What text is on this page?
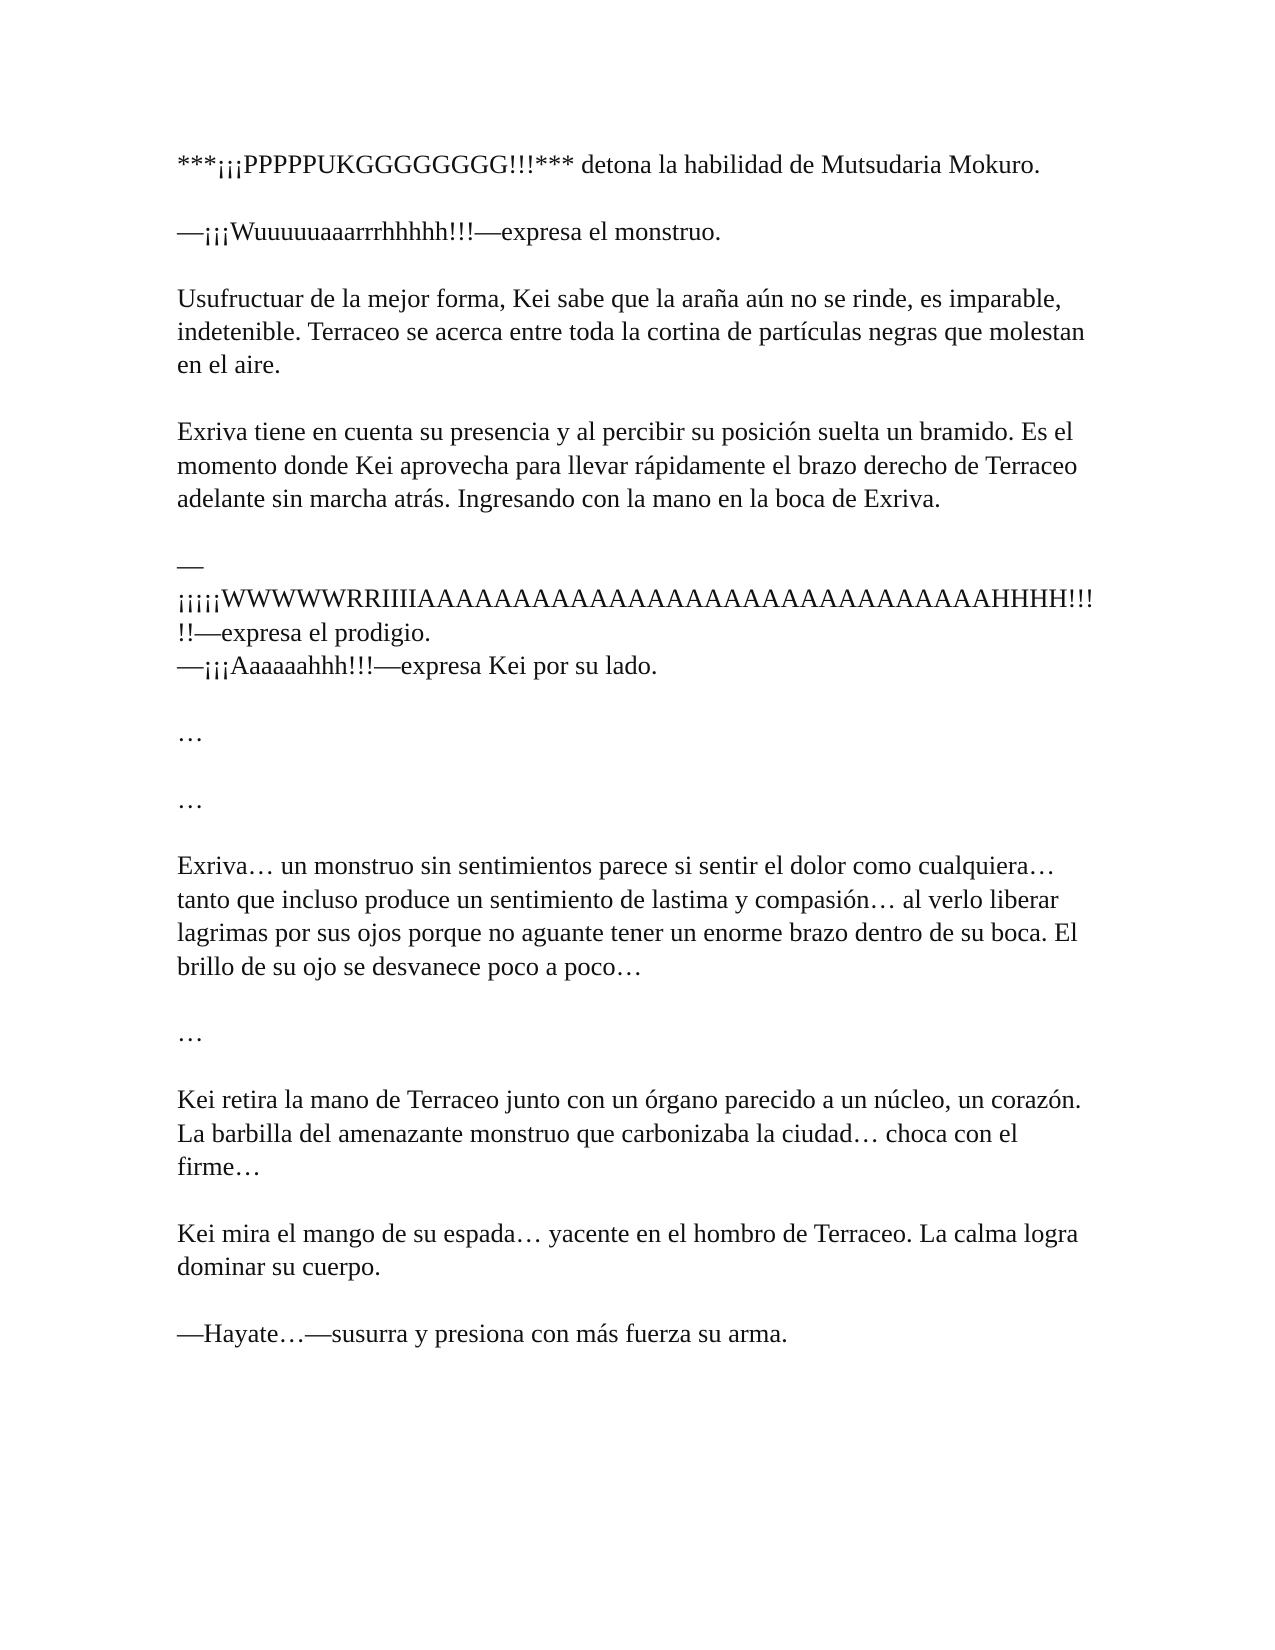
***¡¡¡PPPPPUKGGGGGGGG!!!*** detona la habilidad de Mutsudaria Mokuro.

—¡¡¡Wuuuuuaaarrrhhhhh!!!—expresa el monstruo.

Usufructuar de la mejor forma, Kei sabe que la araña aún no se rinde, es imparable, indetenible. Terraceo se acerca entre toda la cortina de partículas negras que molestan en el aire.

Exriva tiene en cuenta su presencia y al percibir su posición suelta un bramido. Es el momento donde Kei aprovecha para llevar rápidamente el brazo derecho de Terraceo adelante sin marcha atrás. Ingresando con la mano en la boca de Exriva.

—
¡¡¡¡¡WWWWWRRIIIIAAAAAAAAAAAAAAAAAAAAAAAAAAAAAAHHHH!!!!!—expresa el prodigio.
—¡¡¡Aaaaaahhh!!!—expresa Kei por su lado.

…

…

Exriva… un monstruo sin sentimientos parece si sentir el dolor como cualquiera… tanto que incluso produce un sentimiento de lastima y compasión… al verlo liberar lagrimas por sus ojos porque no aguante tener un enorme brazo dentro de su boca. El brillo de su ojo se desvanece poco a poco…

…

Kei retira la mano de Terraceo junto con un órgano parecido a un núcleo, un corazón. La barbilla del amenazante monstruo que carbonizaba la ciudad… choca con el firme…

Kei mira el mango de su espada… yacente en el hombro de Terraceo. La calma logra dominar su cuerpo.

—Hayate…—susurra y presiona con más fuerza su arma.
